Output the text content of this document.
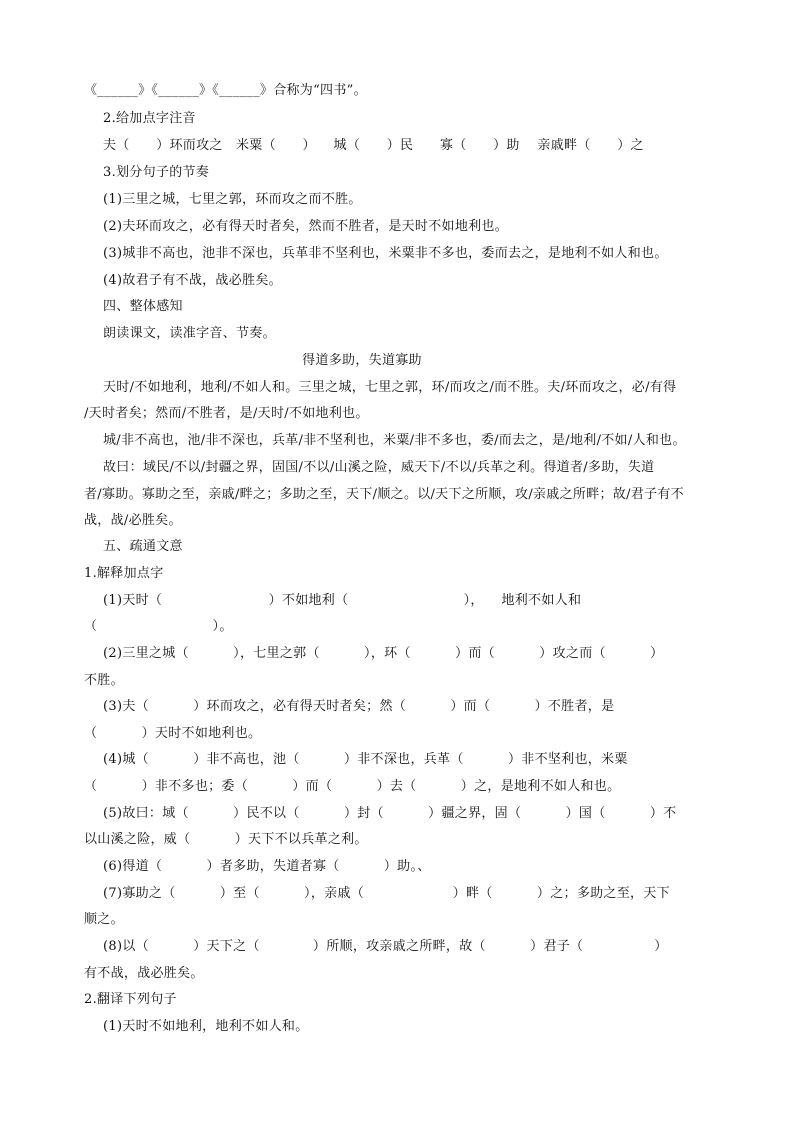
《______》《______》《______》合称为“四书”。
2.给加点字注音
夫（      ）环而攻之   米粟（      ）    城（      ）民      寡（      ）助    亲戚畔（      ）之
3.划分句子的节奏
(1)三里之城，七里之郭，环而攻之而不胜。
(2)夫环而攻之，必有得天时者矣，然而不胜者，是天时不如地利也。
(3)城非不高也，池非不深也，兵革非不坚利也，米粟非不多也，委而去之，是地利不如人和也。
(4)故君子有不战，战必胜矣。
四、整体感知
朗读课文，读准字音、节奏。
得道多助，失道寡助
天时/不如地利，地利/不如人和。三里之城，七里之郭，环/而攻之/而不胜。夫/环而攻之，必/有得
/天时者矣；然而/不胜者，是/天时/不如地利也。
城/非不高也，池/非不深也，兵革/非不坚利也，米粟/非不多也，委/而去之，是/地利/不如/人和也。
故曰：域民/不以/封疆之界，固国/不以/山溪之险，威天下/不以/兵革之利。得道者/多助，失道
者/寡助。寡助之至，亲戚/畔之；多助之至，天下/顺之。以/天下之所顺，攻/亲戚之所畔；故/君子有不
战，战/必胜矣。
五、疏通文意
1.解释加点字
(1)天时（                        ）不如地利（                          ），    地利不如人和
（                          ）。
(2)三里之城（          ），七里之郭（          ），环（          ）而（          ）攻之而（          ）
不胜。
(3)夫（          ）环而攻之，必有得天时者矣；然（          ）而（          ）不胜者，是
（          ）天时不如地利也。
(4)城（          ）非不高也，池（          ）非不深也，兵革（          ）非不坚利也，米粟
（          ）非不多也；委（          ）而（          ）去（          ）之，是地利不如人和也。
(5)故曰：域（          ）民不以（          ）封（          ）疆之界，固（          ）国（          ）不
以山溪之险，威（          ）天下不以兵革之利。
(6)得道（          ）者多助，失道者寡（          ）助。、
(7)寡助之（          ）至（          ），亲戚（                    ）畔（          ）之；多助之至，天下
顺之。
(8)以（          ）天下之（            ）所顺，攻亲戚之所畔，故（          ）君子（                ）
有不战，战必胜矣。
2.翻译下列句子
(1)天时不如地利，地利不如人和。
